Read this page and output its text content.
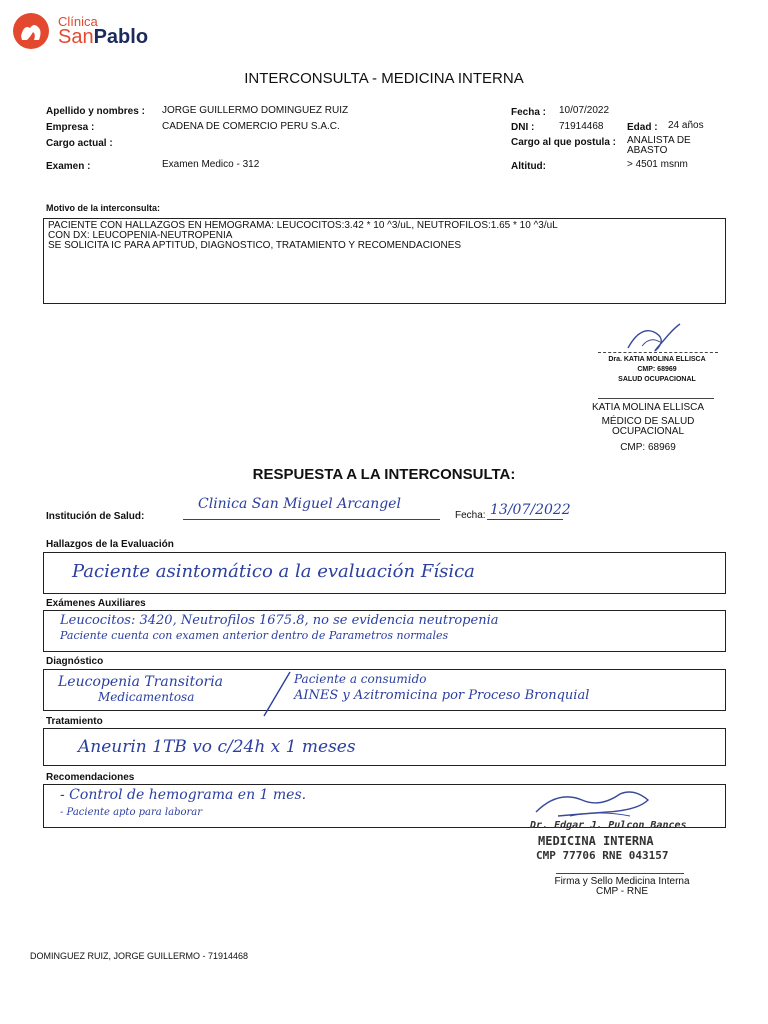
Clínica
SanPablo
INTERCONSULTA - MEDICINA INTERNA
Apellido y nombres : JORGE GUILLERMO DOMINGUEZ RUIZ
Empresa :	CADENA DE COMERCIO PERU S.A.C.
Cargo actual :
Examen :	Examen Medico - 312
Fecha : 10/07/2022
DNI : 71914468 Edad : 24 años
Cargo al que postula : ANALISTA DE ABASTO
Altitud:	> 4501 msnm
Motivo de la interconsulta:
PACIENTE CON HALLAZGOS EN HEMOGRAMA: LEUCOCITOS:3.42 * 10 ^3/uL, NEUTROFILOS:1.65 * 10 ^3/uL
CON DX: LEUCOPENIA-NEUTROPENIA
SE SOLICITA IC PARA APTITUD, DIAGNOSTICO, TRATAMIENTO Y RECOMENDACIONES
Dra. KATIA MOLINA ELLISCA
CMP: 68969
SALUD OCUPACIONAL
KATIA MOLINA ELLISCA
MÉDICO DE SALUD
OCUPACIONAL
CMP: 68969
RESPUESTA A LA INTERCONSULTA:
Institución de Salud:
Clinica San Miguel Arcangel
Fecha: 13/07/2022
Hallazgos de la Evaluación
Paciente asintomático a la evaluación Física
Exámenes Auxiliares
Leucocitos: 3420, Neutrofilos 1675.8, no se evidencia neutropenia
Paciente cuenta con examen anterior dentro de Parametros normales
Diagnóstico
Leucopenia Transitoria
Medicamentosa
Paciente a consumido
AINES y Azitromicina por Proceso Bronquial
Tratamiento
Aneurin 1TB vo c/24h x 1 meses
Recomendaciones
- Control de hemograma en 1 mes.
- Paciente apto para laborar
Dr. Edgar J. Pulcon Bances
MEDICINA INTERNA
CMP 77706 RNE 043157
Firma y Sello Medicina Interna
CMP - RNE
DOMINGUEZ RUIZ, JORGE GUILLERMO - 71914468
